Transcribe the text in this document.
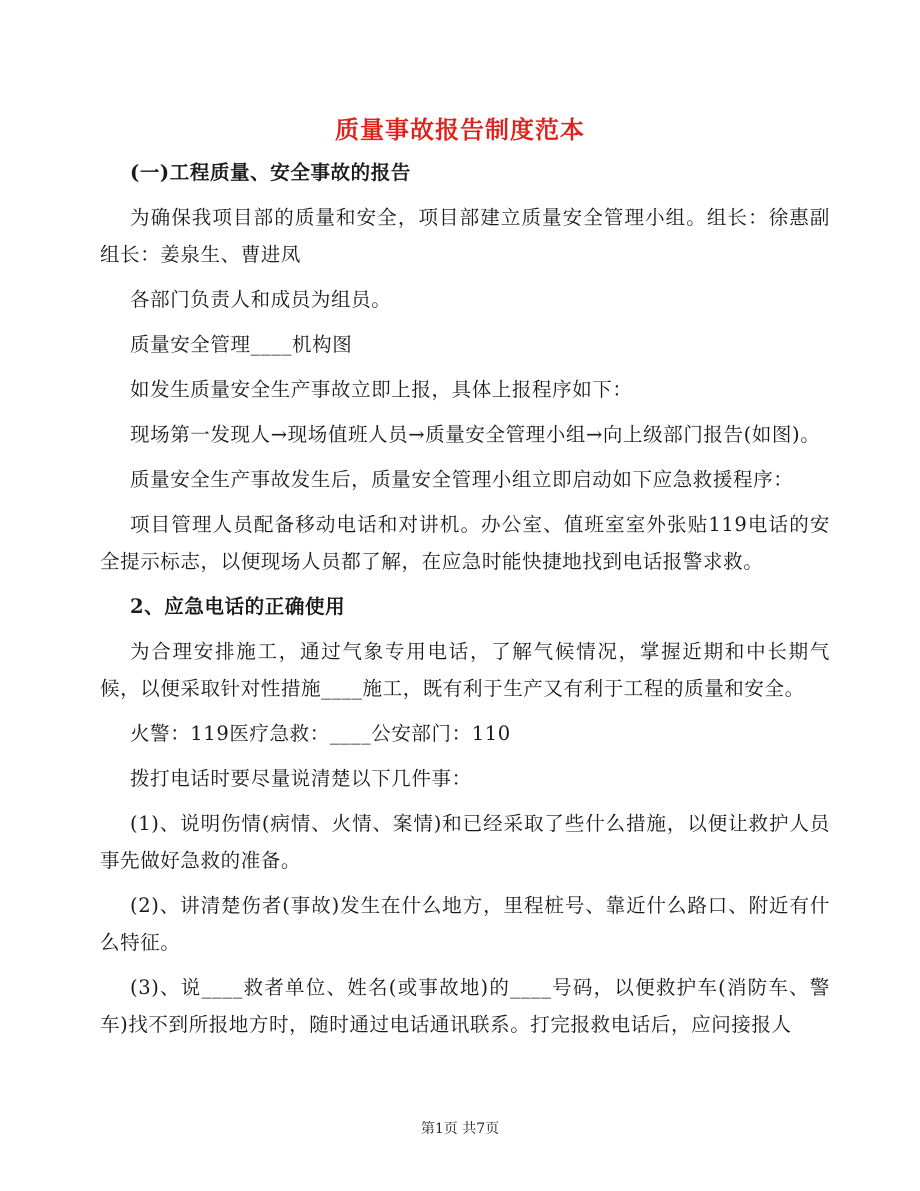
质量事故报告制度范本

(一)工程质量、安全事故的报告

为确保我项目部的质量和安全，项目部建立质量安全管理小组。组长：徐惠副组长：姜泉生、曹进凤

各部门负责人和成员为组员。

质量安全管理____机构图

如发生质量安全生产事故立即上报，具体上报程序如下：

现场第一发现人→现场值班人员→质量安全管理小组→向上级部门报告(如图)。

质量安全生产事故发生后，质量安全管理小组立即启动如下应急救援程序：

项目管理人员配备移动电话和对讲机。办公室、值班室室外张贴119电话的安全提示标志，以便现场人员都了解，在应急时能快捷地找到电话报警求救。

2、应急电话的正确使用

为合理安排施工，通过气象专用电话，了解气候情况，掌握近期和中长期气候，以便采取针对性措施____施工，既有利于生产又有利于工程的质量和安全。

火警：119医疗急救：____公安部门：110

拨打电话时要尽量说清楚以下几件事：

(1)、说明伤情(病情、火情、案情)和已经采取了些什么措施，以便让救护人员事先做好急救的准备。

(2)、讲清楚伤者(事故)发生在什么地方，里程桩号、靠近什么路口、附近有什么特征。

(3)、说____救者单位、姓名(或事故地)的____号码，以便救护车(消防车、警车)找不到所报地方时，随时通过电话通讯联系。打完报救电话后，应问接报人

第1页 共7页
